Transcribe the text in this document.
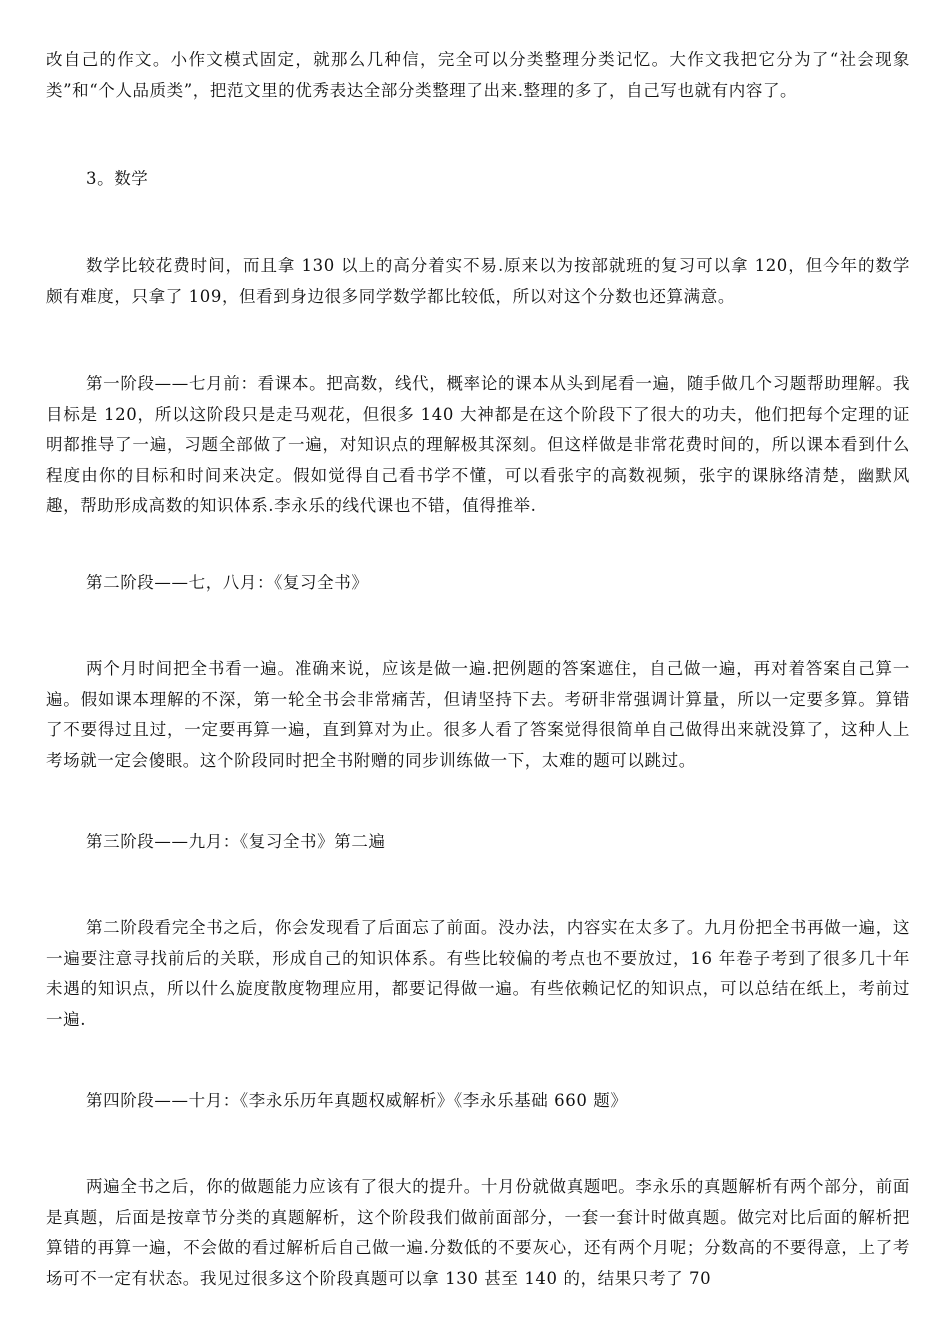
改自己的作文。小作文模式固定，就那么几种信，完全可以分类整理分类记忆。大作文我把它分为了“社会现象类”和“个人品质类”，把范文里的优秀表达全部分类整理了出来.整理的多了，自己写也就有内容了。

3。数学

数学比较花费时间，而且拿 130 以上的高分着实不易.原来以为按部就班的复习可以拿 120，但今年的数学颇有难度，只拿了 109，但看到身边很多同学数学都比较低，所以对这个分数也还算满意。

第一阶段——七月前：看课本。把高数，线代，概率论的课本从头到尾看一遍，随手做几个习题帮助理解。我目标是 120，所以这阶段只是走马观花，但很多 140 大神都是在这个阶段下了很大的功夫，他们把每个定理的证明都推导了一遍，习题全部做了一遍，对知识点的理解极其深刻。但这样做是非常花费时间的，所以课本看到什么程度由你的目标和时间来决定。假如觉得自己看书学不懂，可以看张宇的高数视频，张宇的课脉络清楚，幽默风趣，帮助形成高数的知识体系.李永乐的线代课也不错，值得推举.

第二阶段——七，八月：《复习全书》

两个月时间把全书看一遍。准确来说，应该是做一遍.把例题的答案遮住，自己做一遍，再对着答案自己算一遍。假如课本理解的不深，第一轮全书会非常痛苦，但请坚持下去。考研非常强调计算量，所以一定要多算。算错了不要得过且过，一定要再算一遍，直到算对为止。很多人看了答案觉得很简单自己做得出来就没算了，这种人上考场就一定会傻眼。这个阶段同时把全书附赠的同步训练做一下，太难的题可以跳过。

第三阶段——九月：《复习全书》第二遍

第二阶段看完全书之后，你会发现看了后面忘了前面。没办法，内容实在太多了。九月份把全书再做一遍，这一遍要注意寻找前后的关联，形成自己的知识体系。有些比较偏的考点也不要放过，16 年卷子考到了很多几十年未遇的知识点，所以什么旋度散度物理应用，都要记得做一遍。有些依赖记忆的知识点，可以总结在纸上，考前过一遍.

第四阶段——十月：《李永乐历年真题权威解析》《李永乐基础 660 题》

两遍全书之后，你的做题能力应该有了很大的提升。十月份就做真题吧。李永乐的真题解析有两个部分，前面是真题，后面是按章节分类的真题解析，这个阶段我们做前面部分，一套一套计时做真题。做完对比后面的解析把算错的再算一遍，不会做的看过解析后自己做一遍.分数低的不要灰心，还有两个月呢；分数高的不要得意，上了考场可不一定有状态。我见过很多这个阶段真题可以拿 130 甚至 140 的，结果只考了 70
